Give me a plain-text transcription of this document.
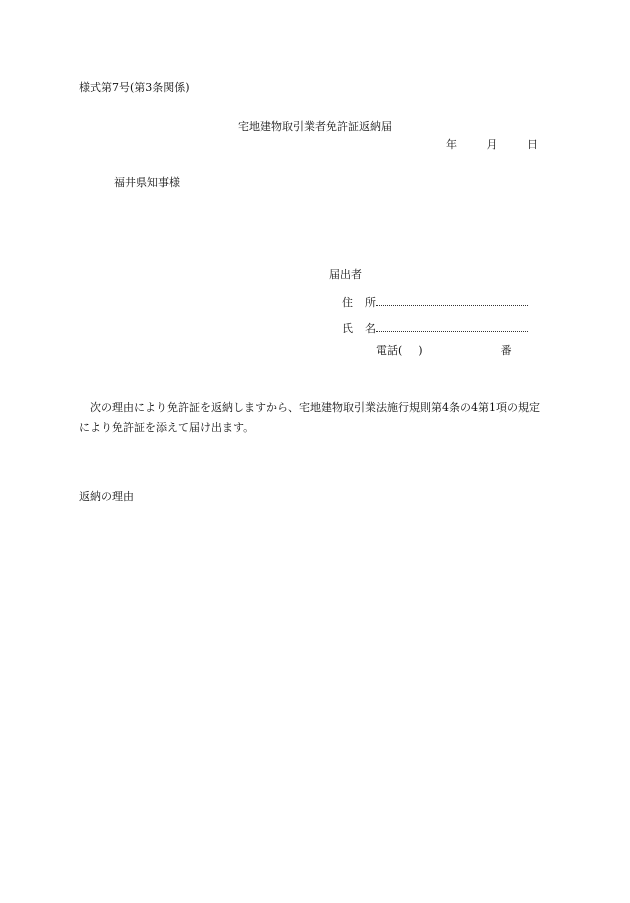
様式第7号(第3条関係)
宅地建物取引業者免許証返納届
年	月	日
福井県知事様
届出者
住 所
氏 名
電話( )	番
次の理由により免許証を返納しますから、宅地建物取引業法施行規則第4条の4第1項の規定により免許証を添えて届け出ます。
返納の理由
